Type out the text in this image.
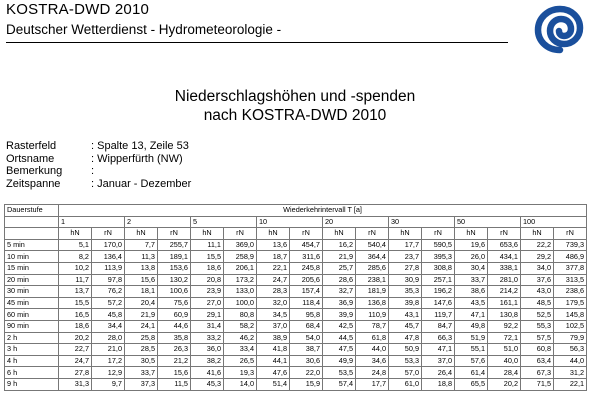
KOSTRA-DWD 2010
Deutscher Wetterdienst - Hydrometeorologie -
Niederschlagshöhen und -spenden
nach KOSTRA-DWD 2010
Rasterfeld	: Spalte 13, Zeile 53
Ortsname	: Wipperfürth (NW)
Bemerkung	:
Zeitspanne	: Januar - Dezember
Dauerstufe	Wiederkehrintervall T [a]															
	1		2		5		10		20		30		50		100	
	hN	rN	hN	rN	hN	rN	hN	rN	hN	rN	hN	rN	hN	rN	hN	rN
5 min	5,1	170,0	7,7	255,7	11,1	369,0	13,6	454,7	16,2	540,4	17,7	590,5	19,6	653,6	22,2	739,3
10 min	8,2	136,4	11,3	189,1	15,5	258,9	18,7	311,6	21,9	364,4	23,7	395,3	26,0	434,1	29,2	486,9
15 min	10,2	113,9	13,8	153,6	18,6	206,1	22,1	245,8	25,7	285,6	27,8	308,8	30,4	338,1	34,0	377,8
20 min	11,7	97,8	15,6	130,2	20,8	173,2	24,7	205,6	28,6	238,1	30,9	257,1	33,7	281,0	37,6	313,5
30 min	13,7	76,2	18,1	100,6	23,9	133,0	28,3	157,4	32,7	181,9	35,3	196,2	38,6	214,2	43,0	238,6
45 min	15,5	57,2	20,4	75,6	27,0	100,0	32,0	118,4	36,9	136,8	39,8	147,6	43,5	161,1	48,5	179,5
60 min	16,5	45,8	21,9	60,9	29,1	80,8	34,5	95,8	39,9	110,9	43,1	119,7	47,1	130,8	52,5	145,8
90 min	18,6	34,4	24,1	44,6	31,4	58,2	37,0	68,4	42,5	78,7	45,7	84,7	49,8	92,2	55,3	102,5
2 h	20,2	28,0	25,8	35,8	33,2	46,2	38,9	54,0	44,5	61,8	47,8	66,3	51,9	72,1	57,5	79,9
3 h	22,7	21,0	28,5	26,3	36,0	33,4	41,8	38,7	47,5	44,0	50,9	47,1	55,1	51,0	60,8	56,3
4 h	24,7	17,2	30,5	21,2	38,2	26,5	44,1	30,6	49,9	34,6	53,3	37,0	57,6	40,0	63,4	44,0
6 h	27,8	12,9	33,7	15,6	41,6	19,3	47,6	22,0	53,5	24,8	57,0	26,4	61,4	28,4	67,3	31,2
9 h	31,3	9,7	37,3	11,5	45,3	14,0	51,4	15,9	57,4	17,7	61,0	18,8	65,5	20,2	71,5	22,1
